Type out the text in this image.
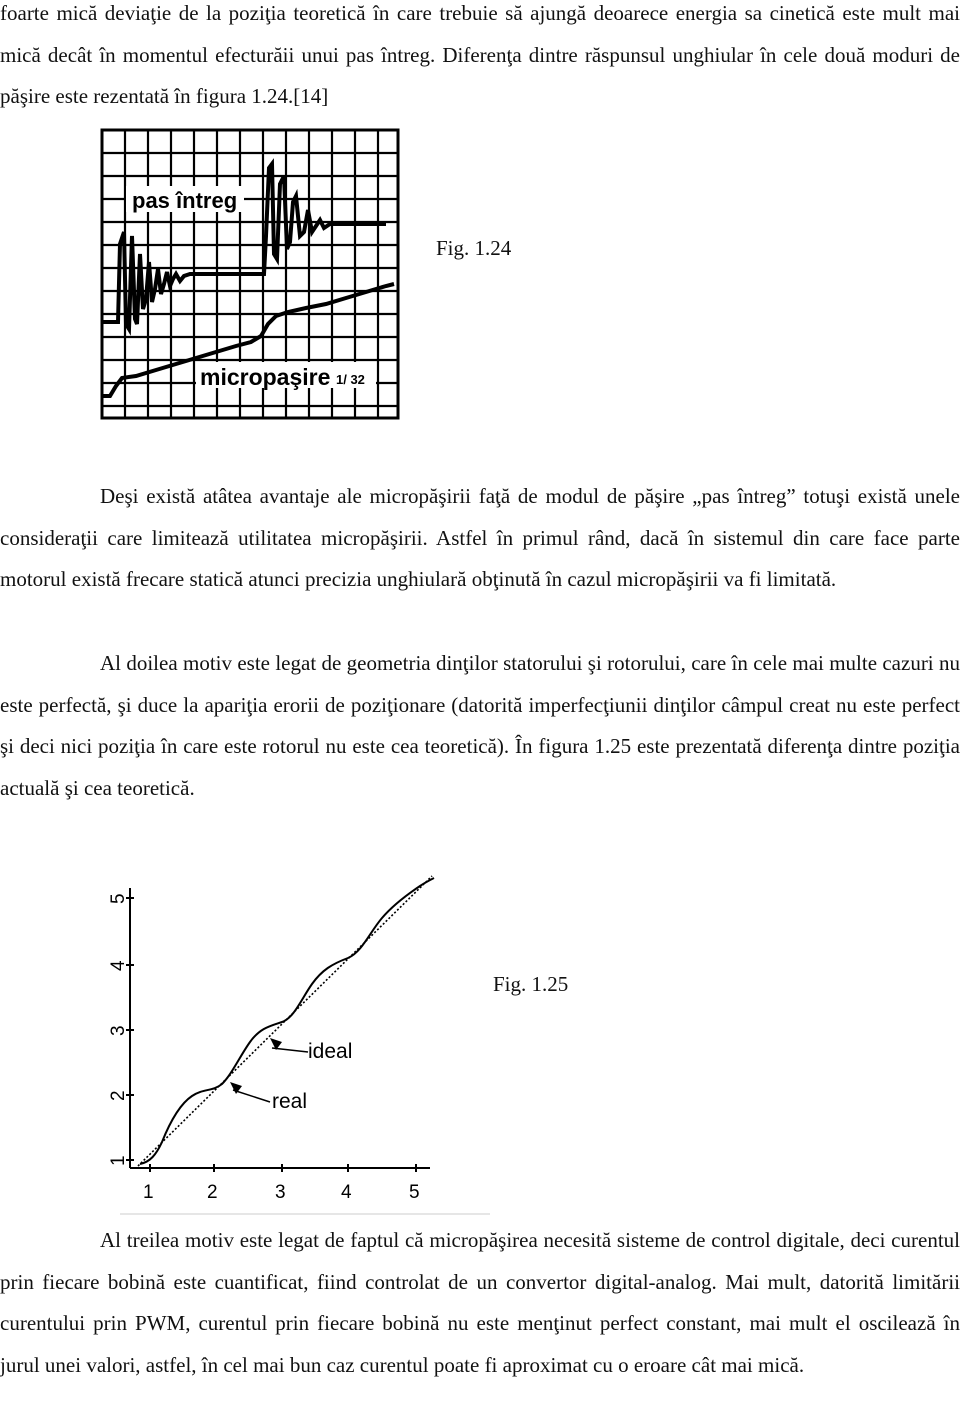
foarte mică deviaţie de la poziţia teoretică în care trebuie să ajungă deoarece energia sa cinetică este mult mai mică decât în momentul efecturăii unui pas întreg. Diferenţa dintre răspunsul unghiular în cele două moduri de păşire este rezentată în figura 1.24.[14]

pas întreg
micropaşire 1/ 32
Fig. 1.24

Deşi există atâtea avantaje ale micropăşirii faţă de modul de păşire „pas întreg” totuşi există unele consideraţii care limitează utilitatea micropăşirii. Astfel în primul rând, dacă în sistemul din care face parte motorul există frecare statică atunci precizia unghiulară obţinută în cazul micropăşirii va fi limitată.

Al doilea motiv este legat de geometria dinţilor statorului şi rotorului, care în cele mai multe cazuri nu este perfectă, şi duce la apariţia erorii de poziţionare (datorită imperfecţiunii dinţilor câmpul creat nu este perfect şi deci nici poziţia în care este rotorul nu este cea teoretică). În figura 1.25 este prezentată diferenţa dintre poziţia actuală şi cea teoretică.

1	2	3	4	5
1
2
3
4
5
ideal
real
Fig. 1.25

Al treilea motiv este legat de faptul că micropăşirea necesită sisteme de control digitale, deci curentul prin fiecare bobină este cuantificat, fiind controlat de un convertor digital-analog. Mai mult, datorită limitării curentului prin PWM, curentul prin fiecare bobină nu este menţinut perfect constant, mai mult el oscilează în jurul unei valori, astfel, în cel mai bun caz curentul poate fi aproximat cu o eroare cât mai mică.
